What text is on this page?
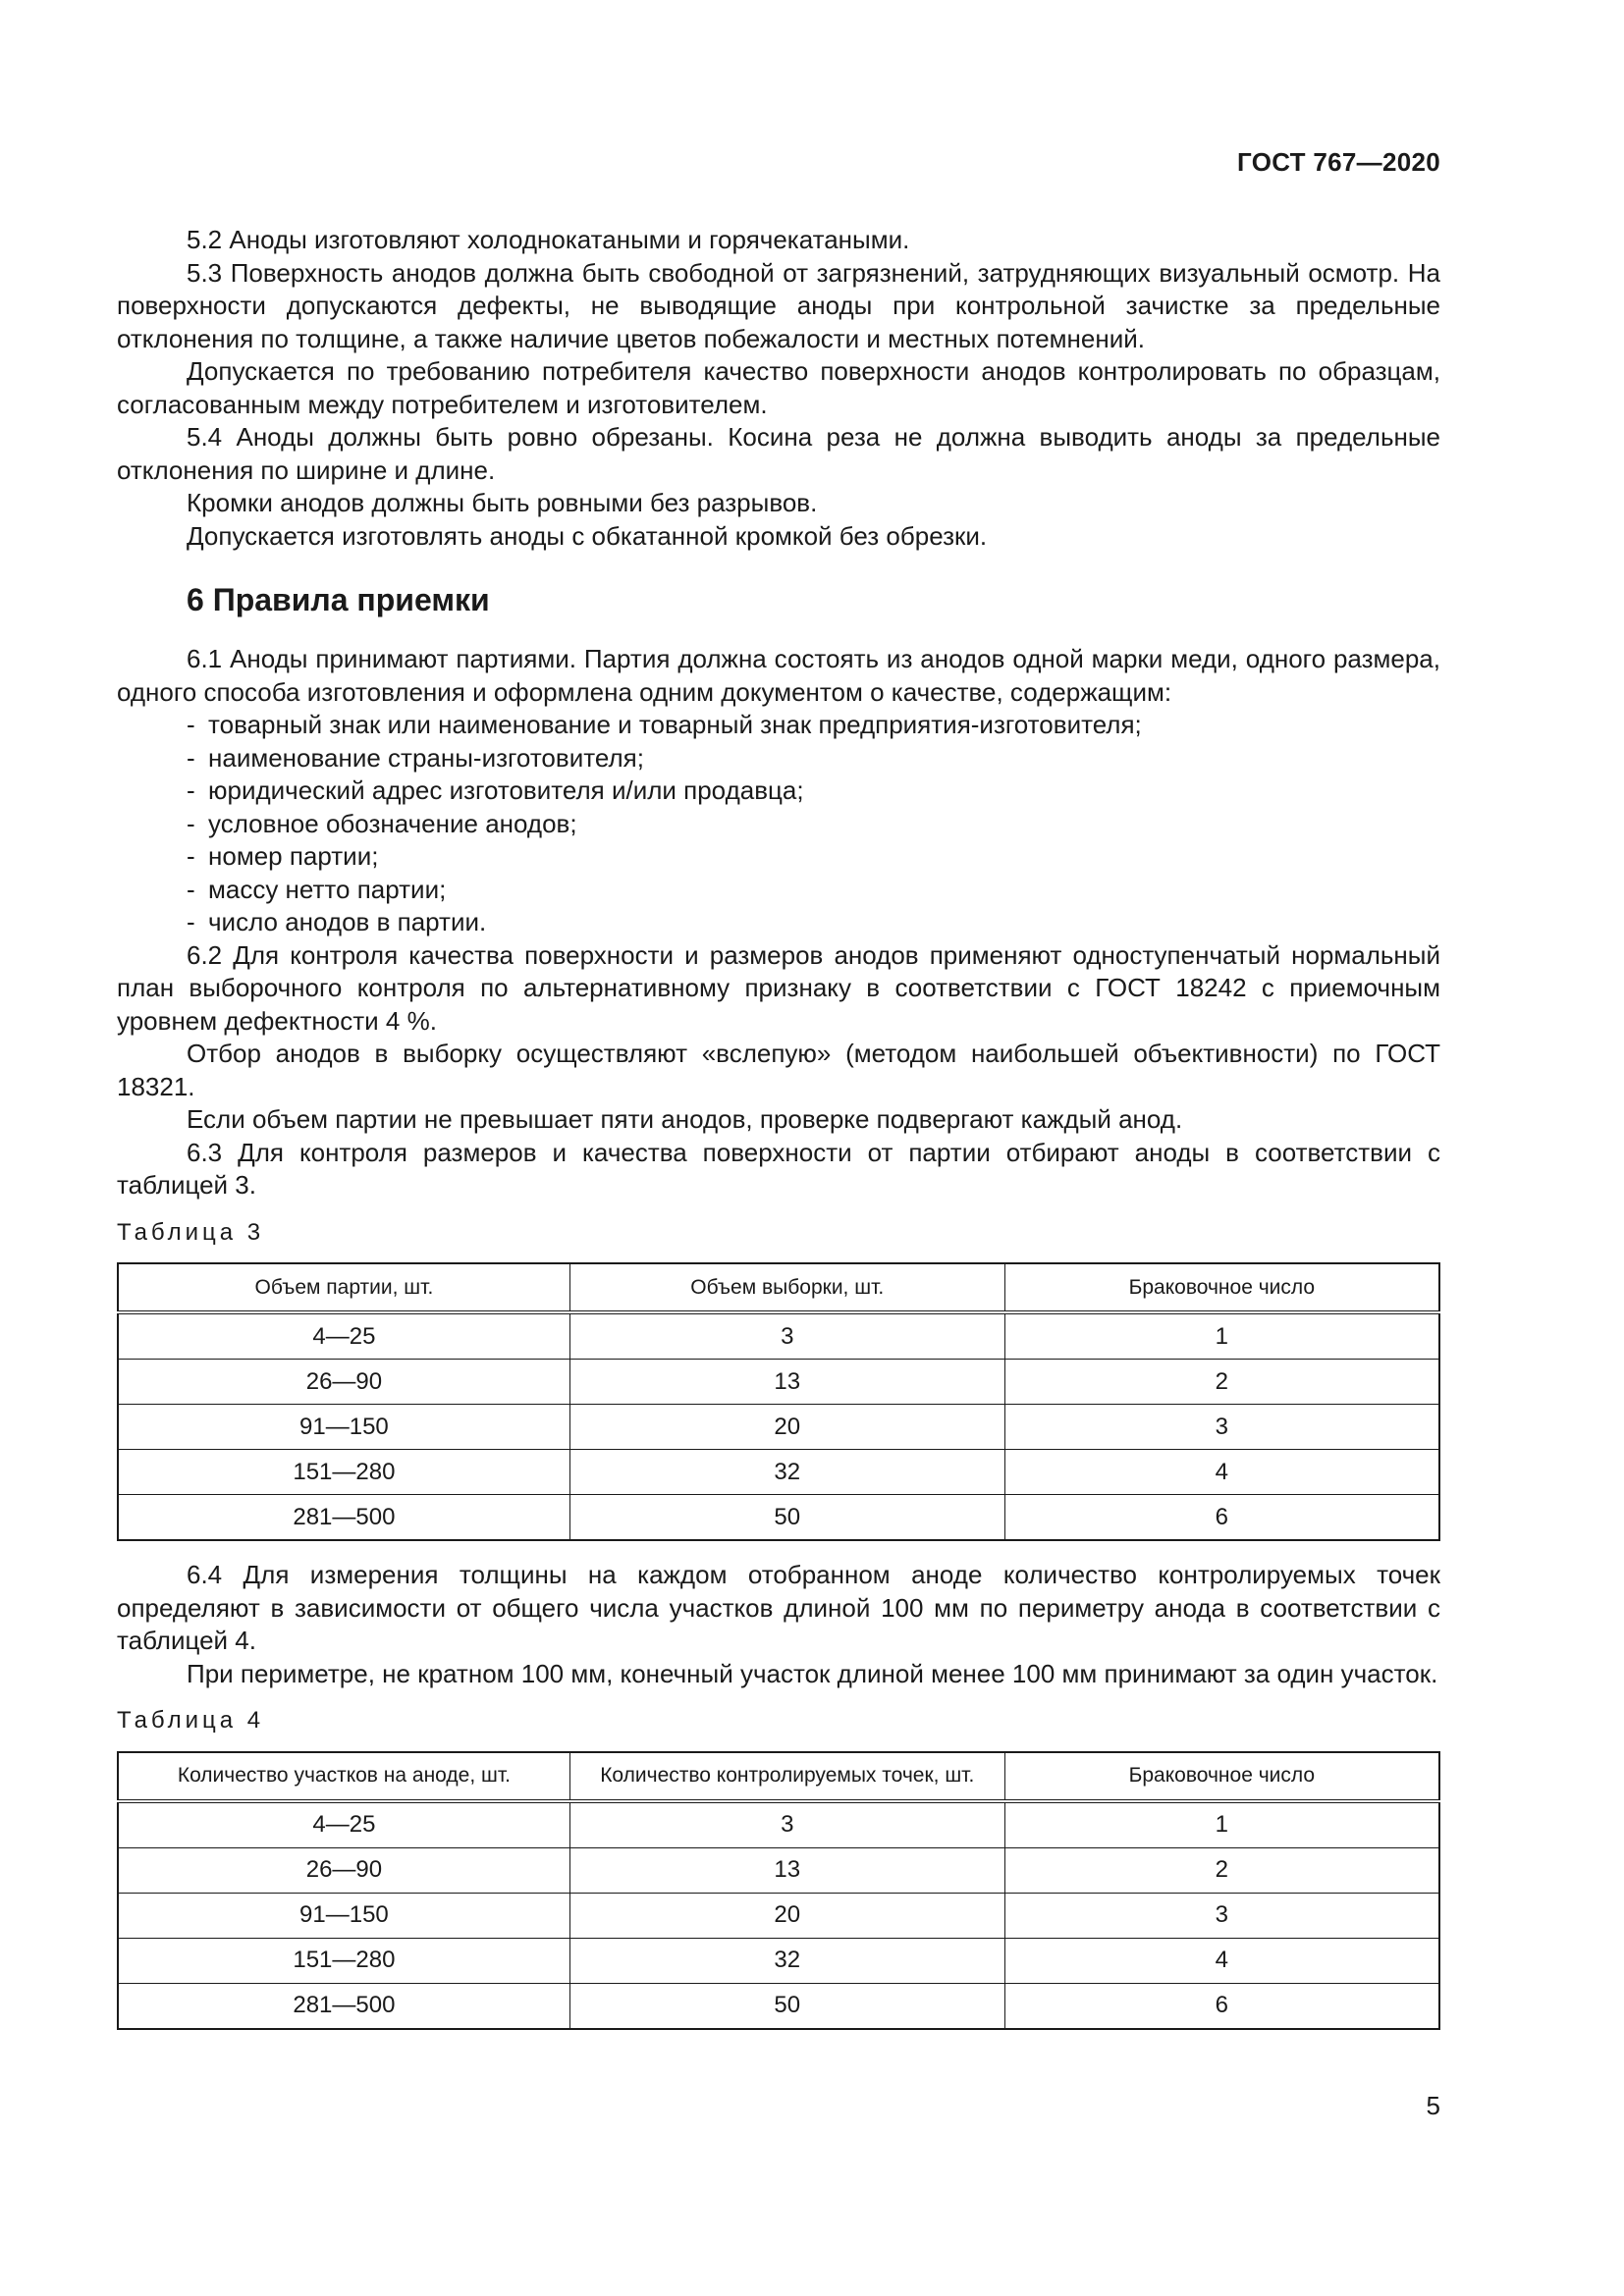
ГОСТ 767—2020

5.2 Аноды изготовляют холоднокатаными и горячекатаными.

5.3 Поверхность анодов должна быть свободной от загрязнений, затрудняющих визуальный осмотр. На поверхности допускаются дефекты, не выводящие аноды при контрольной зачистке за предельные отклонения по толщине, а также наличие цветов побежалости и местных потемнений.

Допускается по требованию потребителя качество поверхности анодов контролировать по образцам, согласованным между потребителем и изготовителем.

5.4 Аноды должны быть ровно обрезаны. Косина реза не должна выводить аноды за предельные отклонения по ширине и длине.

Кромки анодов должны быть ровными без разрывов.

Допускается изготовлять аноды с обкатанной кромкой без обрезки.

6 Правила приемки

6.1 Аноды принимают партиями. Партия должна состоять из анодов одной марки меди, одного размера, одного способа изготовления и оформлена одним документом о качестве, содержащим:

- товарный знак или наименование и товарный знак предприятия-изготовителя;
- наименование страны-изготовителя;
- юридический адрес изготовителя и/или продавца;
- условное обозначение анодов;
- номер партии;
- массу нетто партии;
- число анодов в партии.

6.2 Для контроля качества поверхности и размеров анодов применяют одноступенчатый нормальный план выборочного контроля по альтернативному признаку в соответствии с ГОСТ 18242 с приемочным уровнем дефектности 4 %.

Отбор анодов в выборку осуществляют «вслепую» (методом наибольшей объективности) по ГОСТ 18321.

Если объем партии не превышает пяти анодов, проверке подвергают каждый анод.

6.3 Для контроля размеров и качества поверхности от партии отбирают аноды в соответствии с таблицей 3.

Таблица 3
Объем партии, шт.	Объем выборки, шт.	Браковочное число
4—25	3	1
26—90	13	2
91—150	20	3
151—280	32	4
281—500	50	6

6.4 Для измерения толщины на каждом отобранном аноде количество контролируемых точек определяют в зависимости от общего числа участков длиной 100 мм по периметру анода в соответствии с таблицей 4.

При периметре, не кратном 100 мм, конечный участок длиной менее 100 мм принимают за один участок.

Таблица 4
Количество участков на аноде, шт.	Количество контролируемых точек, шт.	Браковочное число
4—25	3	1
26—90	13	2
91—150	20	3
151—280	32	4
281—500	50	6
5
